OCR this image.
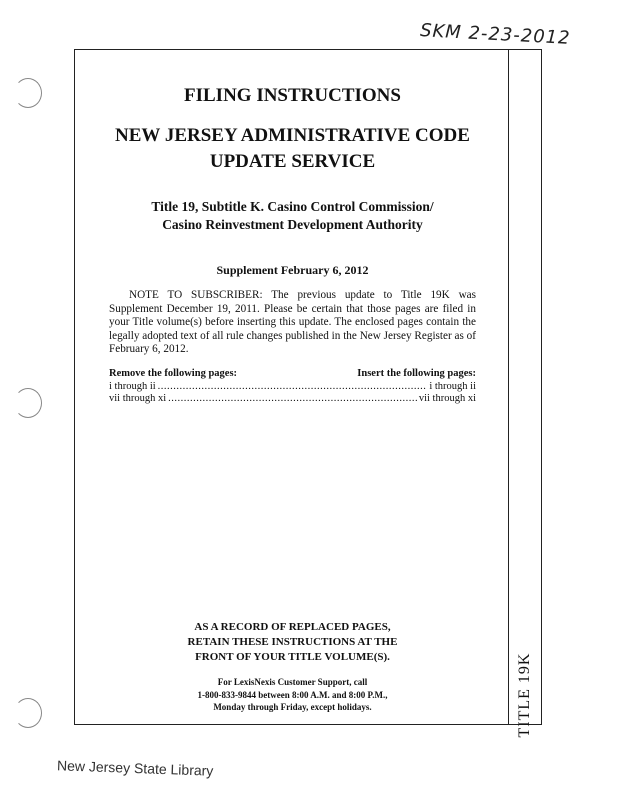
SKM 2-23-2012
FILING INSTRUCTIONS
NEW JERSEY ADMINISTRATIVE CODE
UPDATE SERVICE
Title 19, Subtitle K. Casino Control Commission/
Casino Reinvestment Development Authority
Supplement February 6, 2012
NOTE TO SUBSCRIBER: The previous update to Title 19K was Supplement December 19, 2011. Please be certain that those pages are filed in your Title volume(s) before inserting this update. The enclosed pages contain the legally adopted text of all rule changes published in the New Jersey Register as of February 6, 2012.
Remove the following pages:	Insert the following pages:
i through ii .....	i through ii
vii through xi .....	vii through xi
AS A RECORD OF REPLACED PAGES,
RETAIN THESE INSTRUCTIONS AT THE
FRONT OF YOUR TITLE VOLUME(S).
For LexisNexis Customer Support, call
1-800-833-9844 between 8:00 A.M. and 8:00 P.M.,
Monday through Friday, except holidays.	TITLE 19K
New Jersey State Library
